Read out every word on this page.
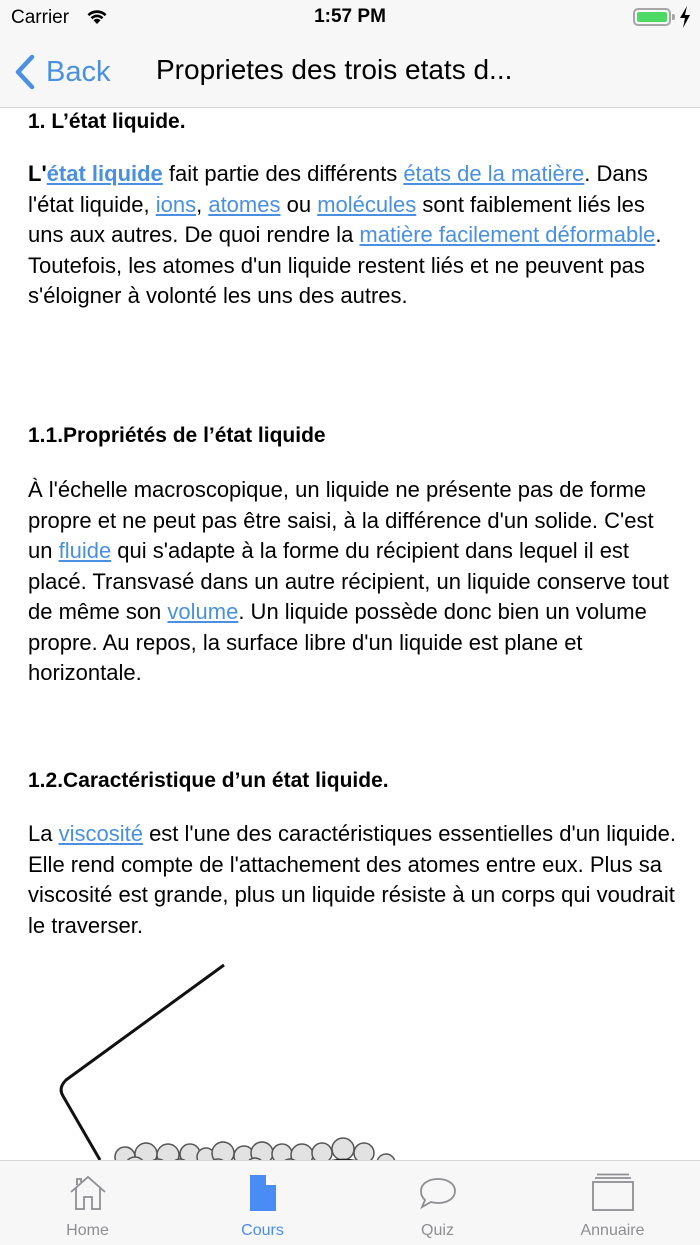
Carrier	1:57 PM
Back Proprietes des trois etats d...
1. L’état liquide.

L'état liquide fait partie des différents états de la matière. Dans l'état liquide, ions, atomes ou molécules sont faiblement liés les uns aux autres. De quoi rendre la matière facilement déformable. Toutefois, les atomes d'un liquide restent liés et ne peuvent pas s'éloigner à volonté les uns des autres.

1.1.Propriétés de l’état liquide

À l'échelle macroscopique, un liquide ne présente pas de forme propre et ne peut pas être saisi, à la différence d'un solide. C'est un fluide qui s'adapte à la forme du récipient dans lequel il est placé. Transvasé dans un autre récipient, un liquide conserve tout de même son volume. Un liquide possède donc bien un volume propre. Au repos, la surface libre d'un liquide est plane et horizontale.

1.2.Caractéristique d’un état liquide.

La viscosité est l'une des caractéristiques essentielles d'un liquide. Elle rend compte de l'attachement des atomes entre eux. Plus sa viscosité est grande, plus un liquide résiste à un corps qui voudrait le traverser.

Home	Cours	Quiz	Annuaire
